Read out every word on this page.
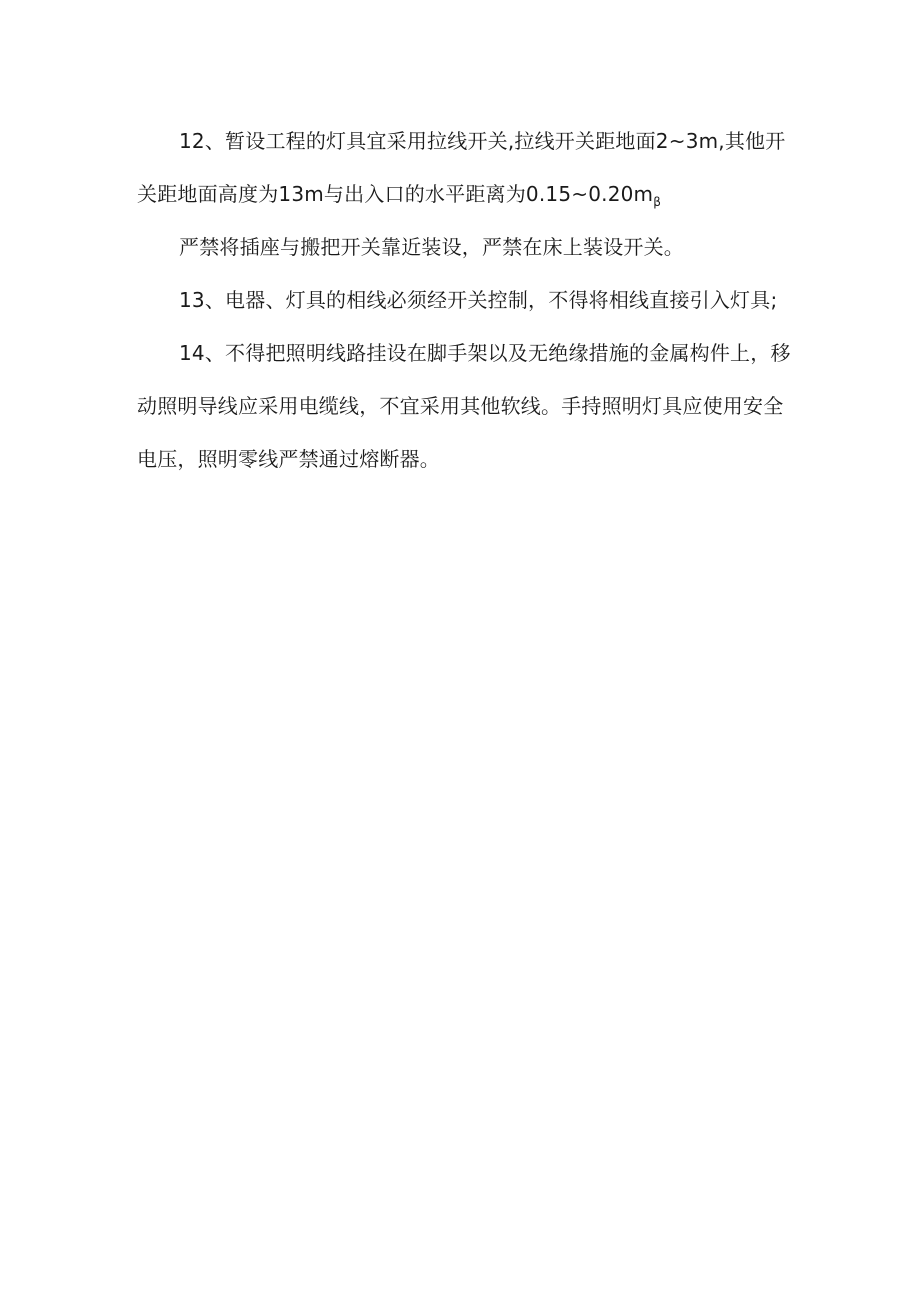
12、暂设工程的灯具宜采用拉线开关,拉线开关距地面2~3m,其他开
关距地面高度为13m与出入口的水平距离为$0.15\sim 0.20m_\beta$
严禁将插座与搬把开关靠近装设，严禁在床上装设开关。
13、电器、灯具的相线必须经开关控制，不得将相线直接引入灯具;
14、不得把照明线路挂设在脚手架以及无绝缘措施的金属构件上，移
动照明导线应采用电缆线，不宜采用其他软线。手持照明灯具应使用安全
电压，照明零线严禁通过熔断器。
